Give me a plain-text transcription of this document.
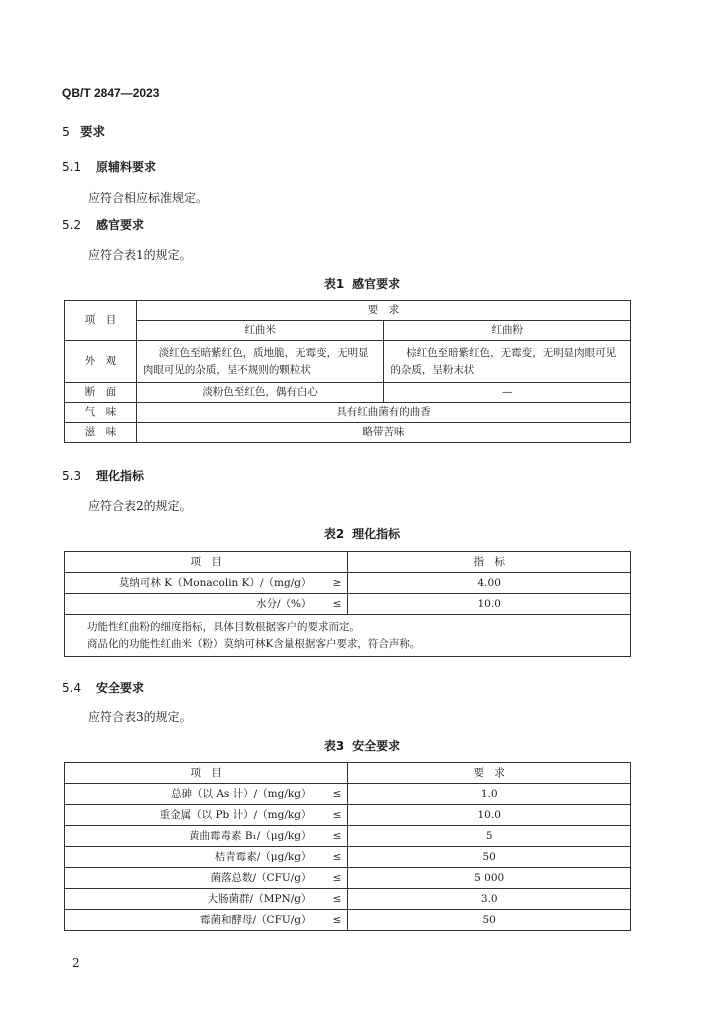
QB/T 2847—2023
5 要求
5.1 原辅料要求
应符合相应标准规定。
5.2 感官要求
应符合表1的规定。
表1 感官要求
项　目	要　求	
	红曲米	红曲粉
外　观	淡红色至暗紫红色，质地脆，无霉变，无明显肉眼可见的杂质，呈不规则的颗粒状	棕红色至暗紫红色，无霉变，无明显肉眼可见的杂质，呈粉末状
断　面	淡粉色至红色，偶有白心	—
气　味	具有红曲菌有的曲香	
滋　味	略带苦味	
5.3 理化指标
应符合表2的规定。
表2 理化指标
项　目		指　标
莫纳可林 K（Monacolin K）/（mg/g）	≥	4.00
水分/（%）	≤	10.0

功能性红曲粉的细度指标，具体目数根据客户的要求而定。
商品化的功能性红曲米（粉）莫纳可林K含量根据客户要求，符合声称。		
5.4 安全要求
应符合表3的规定。
表3 安全要求
项　目		要　求
总砷（以 As 计）/（mg/kg）	≤	1.0
重金属（以 Pb 计）/（mg/kg）	≤	10.0
黄曲霉毒素 B₁/（μg/kg）	≤	5
桔青霉素/（μg/kg）	≤	50
菌落总数/（CFU/g）	≤	5 000
大肠菌群/（MPN/g）	≤	3.0
霉菌和酵母/（CFU/g）	≤	50
2
